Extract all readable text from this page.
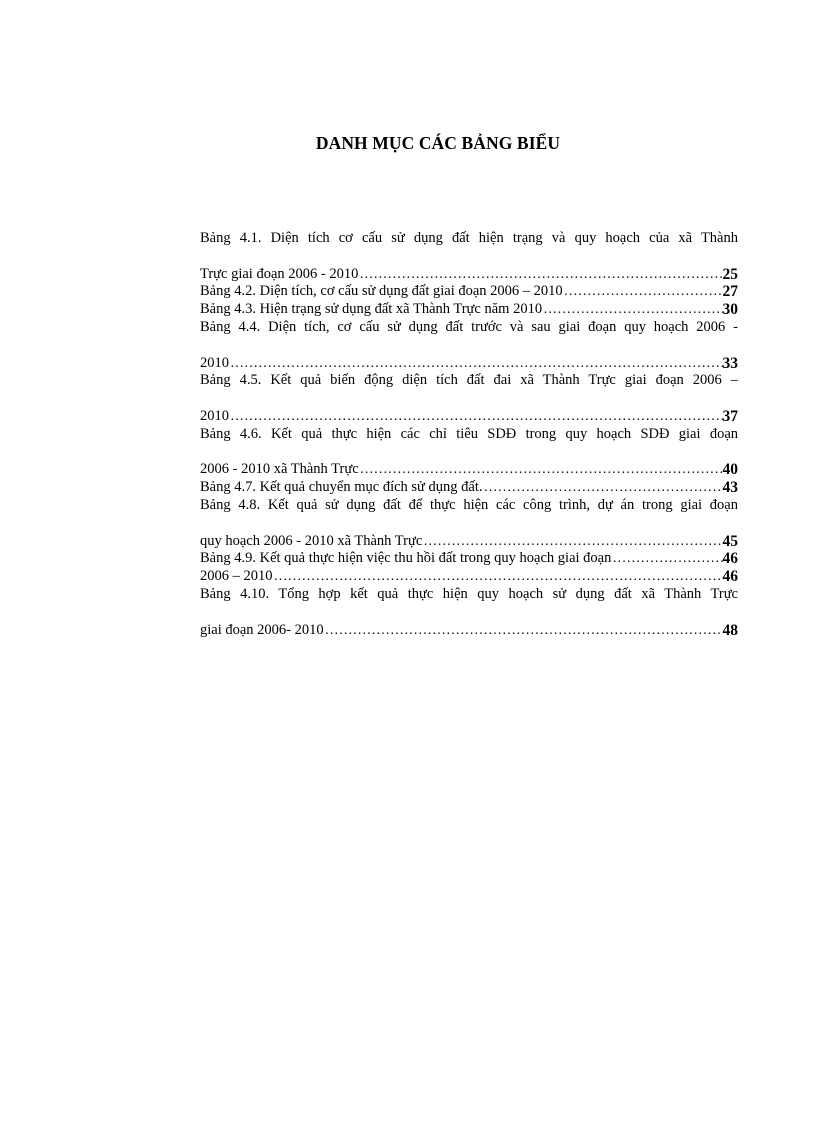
DANH MỤC CÁC BẢNG BIỂU
Bảng 4.1. Diện tích cơ cấu sử dụng đất hiện trạng và quy hoạch của xã Thành
Trực giai đoạn 2006 - 2010 …………………………………………………………………………………………………………………………………………………………………………	25
Bảng 4.2. Diện tích, cơ cấu sử dụng đất giai đoạn 2006 – 2010 …………………………………………………………………………………………………………………………………………………………………………	27
Bảng 4.3. Hiện trạng sử dụng đất xã Thành Trực năm 2010 …………………………………………………………………………………………………………………………………………………………………………	30
Bảng 4.4. Diện tích, cơ cấu sử dụng đất trước và sau giai đoạn quy hoạch 2006 -
2010 …………………………………………………………………………………………………………………………………………………………………………	33
Bảng 4.5. Kết quả biến động diện tích đất đai xã Thành Trực giai đoạn 2006 –
2010 …………………………………………………………………………………………………………………………………………………………………………	37
Bảng 4.6. Kết quả thực hiện các chỉ tiêu SDĐ trong quy hoạch SDĐ giai đoạn
2006 - 2010 xã Thành Trực …………………………………………………………………………………………………………………………………………………………………………	40
Bảng 4.7. Kết quả chuyển mục đích sử dụng đất. …………………………………………………………………………………………………………………………………………………………………………	43
Bảng 4.8. Kết quả sử dụng đất để thực hiện các công trình, dự án trong giai đoạn
quy hoạch 2006 - 2010 xã Thành Trực …………………………………………………………………………………………………………………………………………………………………………	45
Bảng 4.9. Kết quả thực hiện việc thu hồi đất trong quy hoạch giai đoạn …………………………………………………………………………………………………………………………………………………………………………	46
2006 – 2010 …………………………………………………………………………………………………………………………………………………………………………	46
Bảng 4.10. Tổng hợp kết quả thực hiện quy hoạch sử dụng đất xã Thành Trực
giai đoạn 2006- 2010 …………………………………………………………………………………………………………………………………………………………………………	48
